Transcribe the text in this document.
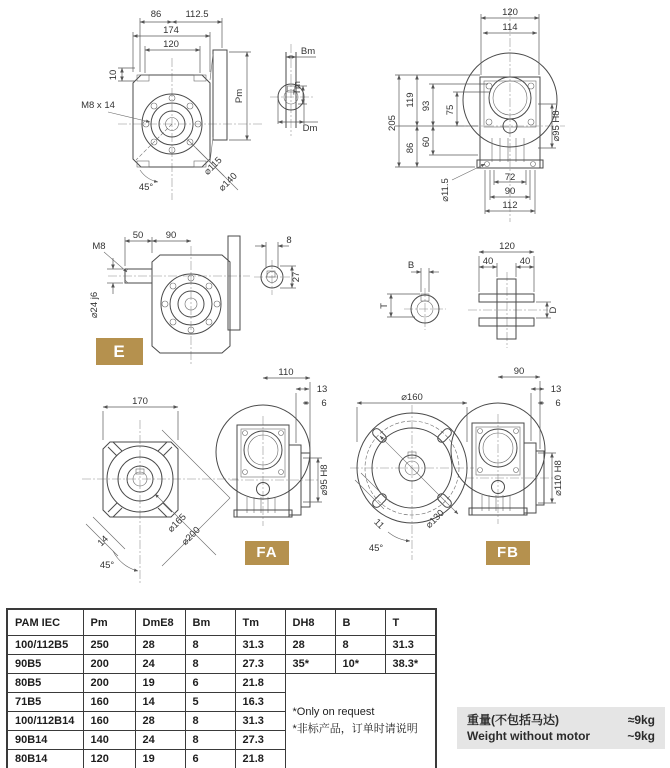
86	112.5
174
120
10
M8 x 14
Pm
⌀115
⌀140
45°
Bm
Tm
Dm
120
114
205
119
86
93
60
75
⌀11.5
⌀95 H8
72
90
112
50 90
M8
⌀24 j6
8
27
B
T
120
40	40
D
170
⌀165
⌀200
14
45°
110
13
6
⌀95 H8
⌀160
⌀130
11
45°
90
13
6
⌀110 H8
E
FA	FB
PAM IEC	Pm	DmE8	Bm	Tm	DH8	B	T
100/112B5	250	28	8	31.3	28	8	31.3
90B5	200	24	8	27.3	35*	10*	38.3*
80B5	200	19	6	21.8	*Only on request
*非标产品，订单时请说明		

71B5	160	14	5	16.3			
100/112B14	160	28	8	31.3			
90B14	140	24	8	27.3			
80B14	120	19	6	21.8			
重量(不包括马达)	≈9kg
Weight without motor	~9kg
